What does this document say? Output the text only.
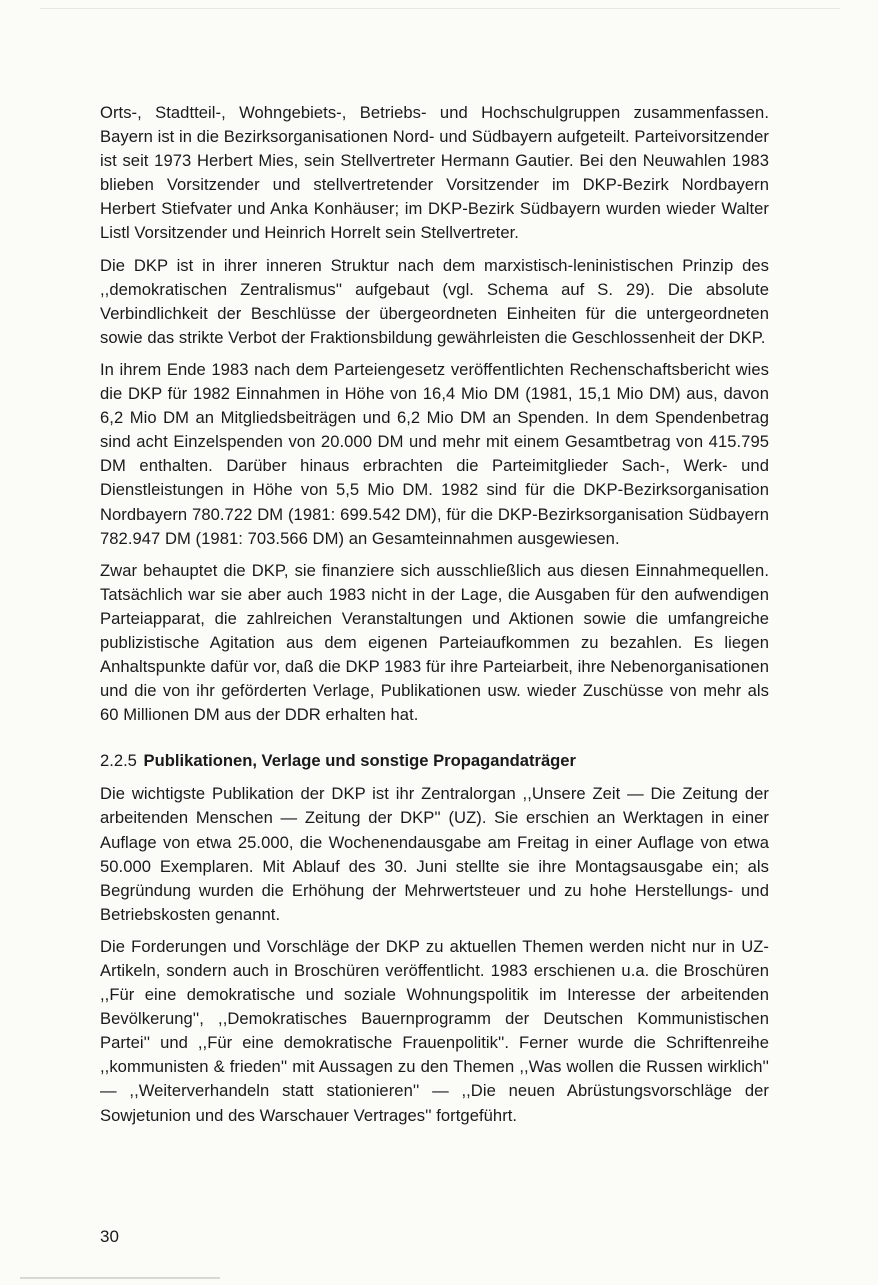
Orts-, Stadtteil-, Wohngebiets-, Betriebs- und Hochschulgruppen zusammenfassen. Bayern ist in die Bezirksorganisationen Nord- und Südbayern aufgeteilt. Parteivorsitzender ist seit 1973 Herbert Mies, sein Stellvertreter Hermann Gautier. Bei den Neuwahlen 1983 blieben Vorsitzender und stellvertretender Vorsitzender im DKP-Bezirk Nordbayern Herbert Stiefvater und Anka Konhäuser; im DKP-Bezirk Südbayern wurden wieder Walter Listl Vorsitzender und Heinrich Horrelt sein Stellvertreter.

Die DKP ist in ihrer inneren Struktur nach dem marxistisch-leninistischen Prinzip des ,,demokratischen Zentralismus'' aufgebaut (vgl. Schema auf S. 29). Die absolute Verbindlichkeit der Beschlüsse der übergeordneten Einheiten für die untergeordneten sowie das strikte Verbot der Fraktionsbildung gewährleisten die Geschlossenheit der DKP.

In ihrem Ende 1983 nach dem Parteiengesetz veröffentlichten Rechenschaftsbericht wies die DKP für 1982 Einnahmen in Höhe von 16,4 Mio DM (1981, 15,1 Mio DM) aus, davon 6,2 Mio DM an Mitgliedsbeiträgen und 6,2 Mio DM an Spenden. In dem Spendenbetrag sind acht Einzelspenden von 20.000 DM und mehr mit einem Gesamtbetrag von 415.795 DM enthalten. Darüber hinaus erbrachten die Parteimitglieder Sach-, Werk- und Dienstleistungen in Höhe von 5,5 Mio DM. 1982 sind für die DKP-Bezirksorganisation Nordbayern 780.722 DM (1981: 699.542 DM), für die DKP-Bezirksorganisation Südbayern 782.947 DM (1981: 703.566 DM) an Gesamteinnahmen ausgewiesen.

Zwar behauptet die DKP, sie finanziere sich ausschließlich aus diesen Einnahmequellen. Tatsächlich war sie aber auch 1983 nicht in der Lage, die Ausgaben für den aufwendigen Parteiapparat, die zahlreichen Veranstaltungen und Aktionen sowie die umfangreiche publizistische Agitation aus dem eigenen Parteiaufkommen zu bezahlen. Es liegen Anhaltspunkte dafür vor, daß die DKP 1983 für ihre Parteiarbeit, ihre Nebenorganisationen und die von ihr geförderten Verlage, Publikationen usw. wieder Zuschüsse von mehr als 60 Millionen DM aus der DDR erhalten hat.

2.2.5 Publikationen, Verlage und sonstige Propagandaträger

Die wichtigste Publikation der DKP ist ihr Zentralorgan ,,Unsere Zeit — Die Zeitung der arbeitenden Menschen — Zeitung der DKP'' (UZ). Sie erschien an Werktagen in einer Auflage von etwa 25.000, die Wochenendausgabe am Freitag in einer Auflage von etwa 50.000 Exemplaren. Mit Ablauf des 30. Juni stellte sie ihre Montagsausgabe ein; als Begründung wurden die Erhöhung der Mehrwertsteuer und zu hohe Herstellungs- und Betriebskosten genannt.

Die Forderungen und Vorschläge der DKP zu aktuellen Themen werden nicht nur in UZ-Artikeln, sondern auch in Broschüren veröffentlicht. 1983 erschienen u.a. die Broschüren ,,Für eine demokratische und soziale Wohnungspolitik im Interesse der arbeitenden Bevölkerung'', ,,Demokratisches Bauernprogramm der Deutschen Kommunistischen Partei'' und ,,Für eine demokratische Frauenpolitik''. Ferner wurde die Schriftenreihe ,,kommunisten & frieden'' mit Aussagen zu den Themen ,,Was wollen die Russen wirklich'' — ,,Weiterverhandeln statt stationieren'' — ,,Die neuen Abrüstungsvorschläge der Sowjetunion und des Warschauer Vertrages'' fortgeführt.

30
